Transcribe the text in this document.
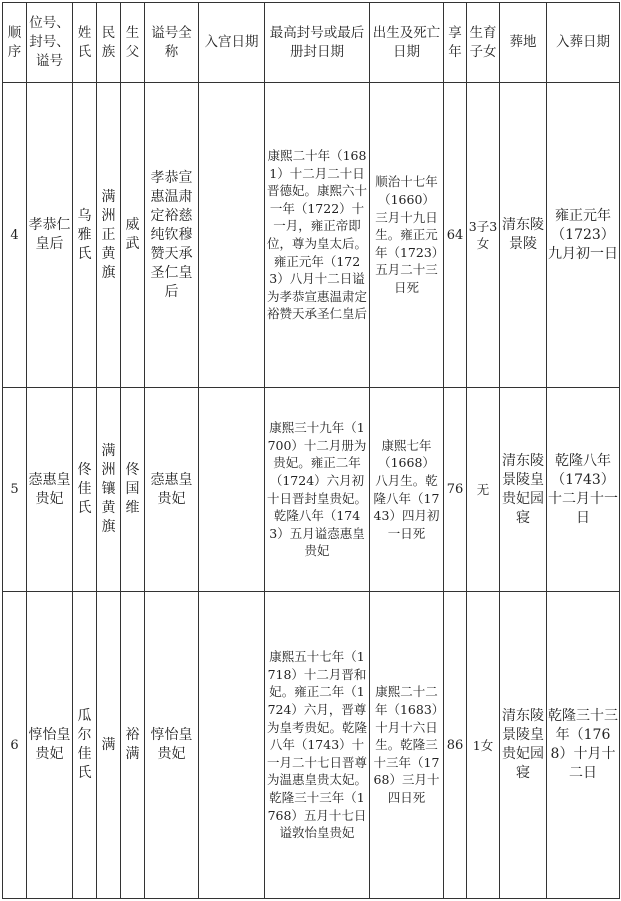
顺序	位号、封号、谥号	姓氏	民族	生父	谥号全称	入宫日期	最高封号或最后册封日期	出生及死亡日期	享年	生育子女	葬地	入葬日期
4	孝恭仁皇后	乌雅氏	满洲正黄旗	威武	孝恭宣惠温肃定裕慈纯钦穆赞天承圣仁皇后		康熙二十年（1681）十二月二十日晋德妃。康熙六十一年（1722）十一月，雍正帝即位，尊为皇太后。雍正元年（1723）八月十二日谥为孝恭宣惠温肃定裕赞天承圣仁皇后	顺治十七年（1660）三月十九日生。雍正元年（1723）五月二十三日死	64	3子3女	清东陵景陵	雍正元年（1723）九月初一日
5	悫惠皇贵妃	佟佳氏	满洲镶黄旗	佟国维	悫惠皇贵妃		康熙三十九年（1700）十二月册为贵妃。雍正二年（1724）六月初十日晋封皇贵妃。乾隆八年（1743）五月谥悫惠皇贵妃	康熙七年（1668）八月生。乾隆八年（1743）四月初一日死	76	无	清东陵景陵皇贵妃园寝	乾隆八年（1743）十二月十一日
6	惇怡皇贵妃	瓜尔佳氏	满	裕满	惇怡皇贵妃		康熙五十七年（1718）十二月晋和妃。雍正二年（1724）六月，晋尊为皇考贵妃。乾隆八年（1743）十一月二十七日晋尊为温惠皇贵太妃。乾隆三十三年（1768）五月十七日谥敦怡皇贵妃	康熙二十二年（1683）十月十六日生。乾隆三十三年（1768）三月十四日死	86	1女	清东陵景陵皇贵妃园寝	乾隆三十三年（1768）十月十二日
